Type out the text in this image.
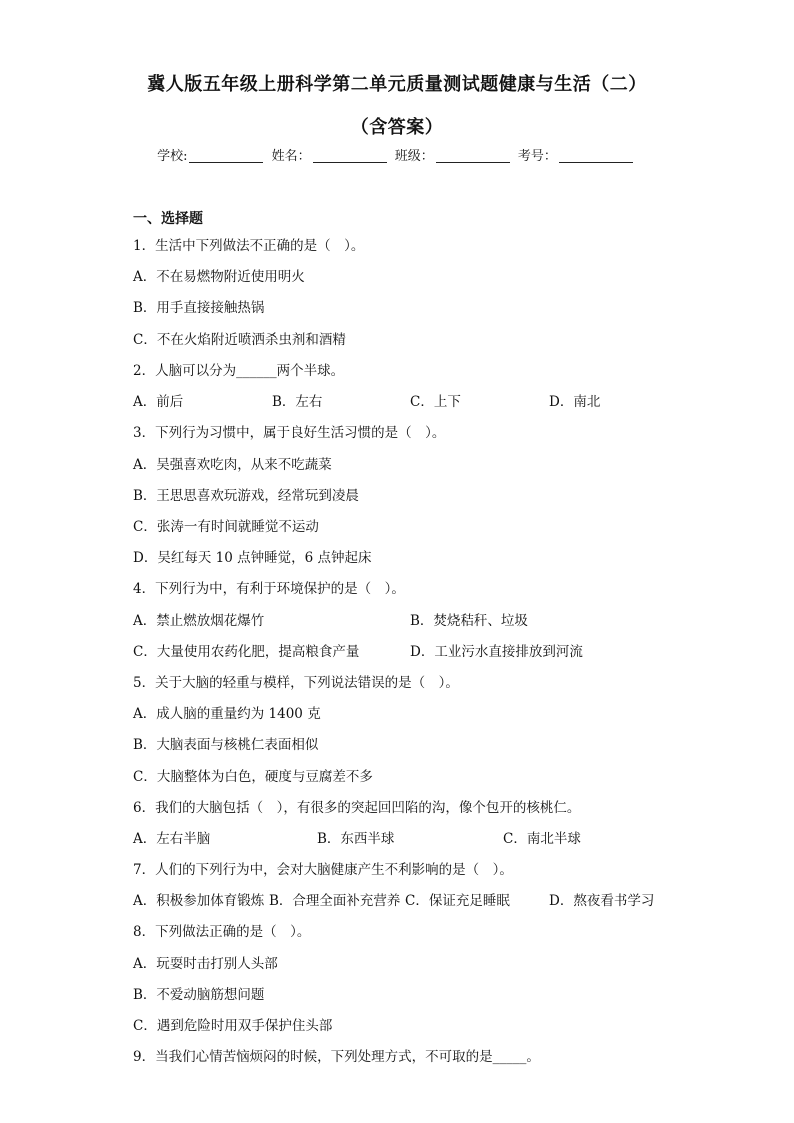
冀人版五年级上册科学第二单元质量测试题健康与生活（二）
（含答案）
学校:	姓名：	班级：	考号：
一、选择题
1．生活中下列做法不正确的是（　）。
A．不在易燃物附近使用明火
B．用手直接接触热锅
C．不在火焰附近喷洒杀虫剂和酒精
2．人脑可以分为______两个半球。
A．前后	B．左右	C．上下	D．南北
3．下列行为习惯中，属于良好生活习惯的是（　）。
A．吴强喜欢吃肉，从来不吃蔬菜
B．王思思喜欢玩游戏，经常玩到凌晨
C．张涛一有时间就睡觉不运动
D．吴红每天 10 点钟睡觉，6 点钟起床
4．下列行为中，有利于环境保护的是（　）。
A．禁止燃放烟花爆竹	B．焚烧秸秆、垃圾
C．大量使用农药化肥，提高粮食产量	D．工业污水直接排放到河流
5．关于大脑的轻重与模样，下列说法错误的是（　）。
A．成人脑的重量约为 1400 克
B．大脑表面与核桃仁表面相似
C．大脑整体为白色，硬度与豆腐差不多
6．我们的大脑包括（　），有很多的突起回凹陷的沟，像个包开的核桃仁。
A．左右半脑	B．东西半球	C．南北半球
7．人们的下列行为中，会对大脑健康产生不利影响的是（　）。
A．积极参加体育锻炼 B．合理全面补充营养 C．保证充足睡眠	D．熬夜看书学习
8．下列做法正确的是（　）。
A．玩耍时击打别人头部
B．不爱动脑筋想问题
C．遇到危险时用双手保护住头部
9．当我们心情苦恼烦闷的时候，下列处理方式，不可取的是_____。
